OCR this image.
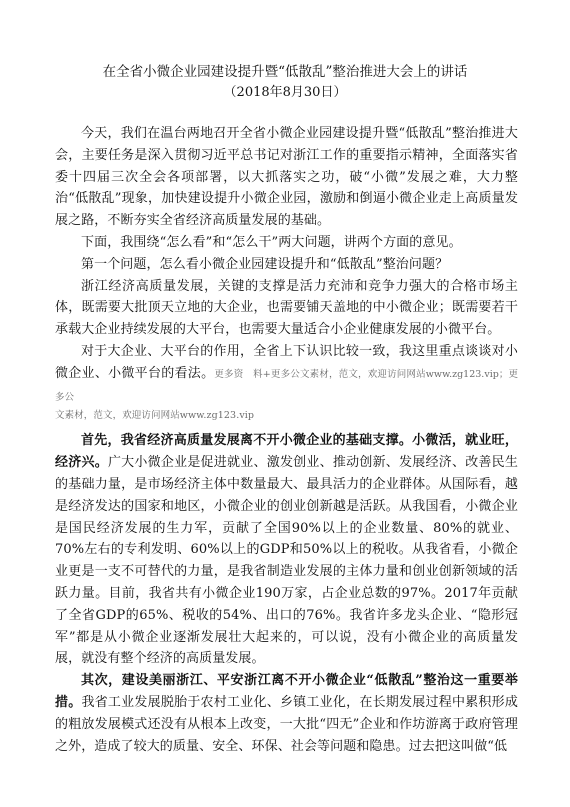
在全省小微企业园建设提升暨“低散乱”整治推进大会上的讲话
（2018年8月30日）

今天，我们在温台两地召开全省小微企业园建设提升暨“低散乱”整治推进大会，主要任务是深入贯彻习近平总书记对浙江工作的重要指示精神，全面落实省委十四届三次全会各项部署，以大抓落实之功，破“小微”发展之难，大力整治“低散乱”现象，加快建设提升小微企业园，激励和倒逼小微企业走上高质量发展之路，不断夯实全省经济高质量发展的基础。

下面，我围绕“怎么看”和“怎么干”两大问题，讲两个方面的意见。

第一个问题，怎么看小微企业园建设提升和“低散乱”整治问题？

浙江经济高质量发展，关键的支撑是活力充沛和竞争力强大的合格市场主体，既需要大批顶天立地的大企业，也需要铺天盖地的中小微企业；既需要若干承载大企业持续发展的大平台，也需要大量适合小企业健康发展的小微平台。

对于大企业、大平台的作用，全省上下认识比较一致，我这里重点谈谈对小微企业、小微平台的看法。更多资　料+更多公文素材，范文，欢迎访问网站www.zg123.vip；更多公

文素材，范文，欢迎访问网站www.zg123.vip

首先，我省经济高质量发展离不开小微企业的基础支撑。小微活，就业旺，经济兴。广大小微企业是促进就业、激发创业、推动创新、发展经济、改善民生的基础力量，是市场经济主体中数量最大、最具活力的企业群体。从国际看，越是经济发达的国家和地区，小微企业的创业创新越是活跃。从我国看，小微企业是国民经济发展的生力军，贡献了全国90%以上的企业数量、80%的就业、70%左右的专利发明、60%以上的GDP和50%以上的税收。从我省看，小微企业更是一支不可替代的力量，是我省制造业发展的主体力量和创业创新领域的活跃力量。目前，我省共有小微企业190万家，占企业总数的97%。2017年贡献了全省GDP的65%、税收的54%、出口的76%。我省许多龙头企业、“隐形冠军”都是从小微企业逐渐发展壮大起来的，可以说，没有小微企业的高质量发展，就没有整个经济的高质量发展。

其次，建设美丽浙江、平安浙江离不开小微企业“低散乱”整治这一重要举措。我省工业发展脱胎于农村工业化、乡镇工业化，在长期发展过程中累积形成的粗放发展模式还没有从根本上改变，一大批“四无”企业和作坊游离于政府管理之外，造成了较大的质量、安全、环保、社会等问题和隐患。过去把这叫做“低
